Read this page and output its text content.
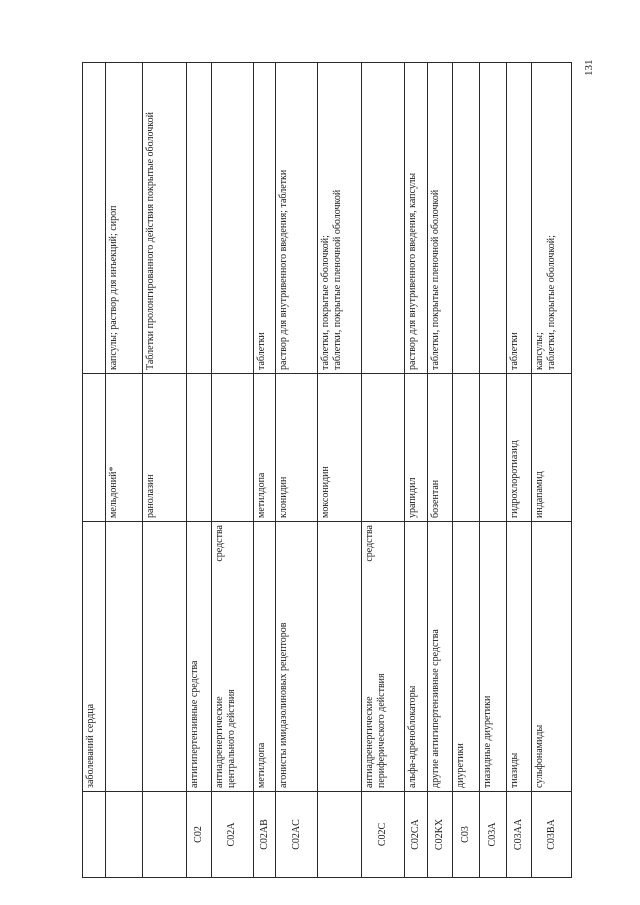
131
	заболеваний сердца		
		мельдоний*	капсулы; раствор для инъекций; сироп
		ранолазин	Таблетки пролонгированного действия покрытые оболочкой
C02	антигипертензивные средства		
C02A	антиадренергические
средства
центрального действия		

C02AB	метилдопа	метилдопа	таблетки
C02AC	агонисты имидазолиновых рецепторов	клонидин	раствор для внутривенного введения; таблетки
		моксонидин	таблетки, покрытые оболочкой; таблетки, покрытые пленочной оболочкой

C02C	антиадренергические
средства
периферического действия		

C02CA	альфа-адреноблокаторы	урапидил	раствор для внутривенного введения, капсулы
C02KX	другие антигипертензивные средства	бозентан	таблетки, покрытые пленочной оболочкой
C03	диуретики		
C03A	тиазидные диуретики		
C03AA	тиазиды	гидрохлоротиазид	таблетки
C03BA	сульфонамиды	индапамид	капсулы; таблетки, покрытые оболочкой;
